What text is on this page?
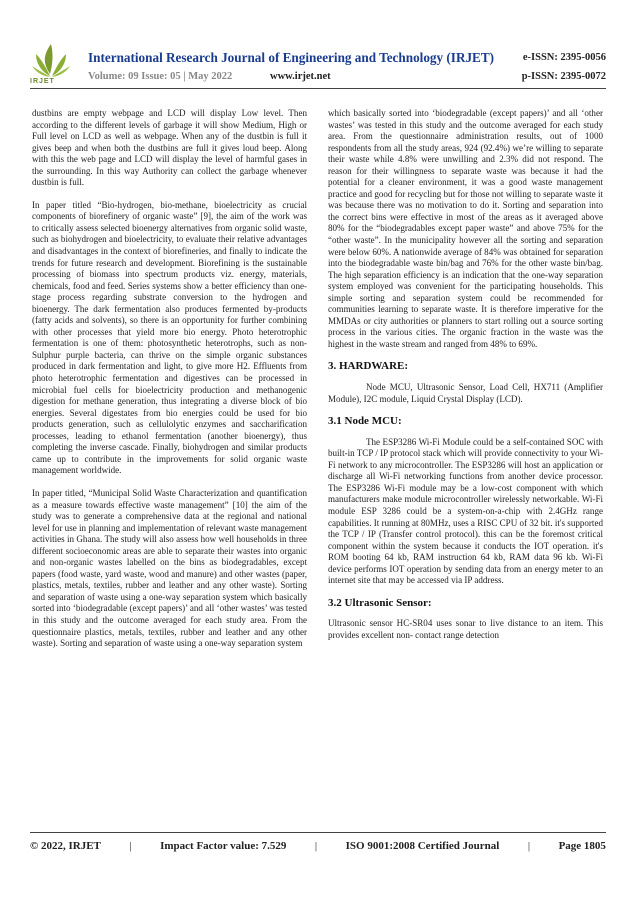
IRJET
International Research Journal of Engineering and Technology (IRJET)	e-ISSN: 2395-0056
Volume: 09 Issue: 05 | May 2022	www.irjet.net	p-ISSN: 2395-0072

dustbins are empty webpage and LCD will display Low level. Then according to the different levels of garbage it will show Medium, High or Full level on LCD as well as webpage. When any of the dustbin is full it gives beep and when both the dustbins are full it gives loud beep. Along with this the web page and LCD will display the level of harmful gases in the surrounding. In this way Authority can collect the garbage whenever dustbin is full.

In paper titled “Bio-hydrogen, bio-methane, bioelectricity as crucial components of biorefinery of organic waste” [9], the aim of the work was to critically assess selected bioenergy alternatives from organic solid waste, such as biohydrogen and bioelectricity, to evaluate their relative advantages and disadvantages in the context of biorefineries, and finally to indicate the trends for future research and development. Biorefining is the sustainable processing of biomass into spectrum products viz. energy, materials, chemicals, food and feed. Series systems show a better efficiency than one-stage process regarding substrate conversion to the hydrogen and bioenergy. The dark fermentation also produces fermented by-products (fatty acids and solvents), so there is an opportunity for further combining with other processes that yield more bio energy. Photo heterotrophic fermentation is one of them: photosynthetic heterotrophs, such as non-Sulphur purple bacteria, can thrive on the simple organic substances produced in dark fermentation and light, to give more H2. Effluents from photo heterotrophic fermentation and digestives can be processed in microbial fuel cells for bioelectricity production and methanogenic digestion for methane generation, thus integrating a diverse block of bio energies. Several digestates from bio energies could be used for bio products generation, such as cellulolytic enzymes and saccharification processes, leading to ethanol fermentation (another bioenergy), thus completing the inverse cascade. Finally, biohydrogen and similar products came up to contribute in the improvements for solid organic waste management worldwide.

In paper titled, “Municipal Solid Waste Characterization and quantification as a measure towards effective waste management” [10] the aim of the study was to generate a comprehensive data at the regional and national level for use in planning and implementation of relevant waste management activities in Ghana. The study will also assess how well households in three different socioeconomic areas are able to separate their wastes into organic and non-organic wastes labelled on the bins as biodegradables, except papers (food waste, yard waste, wood and manure) and other wastes (paper, plastics, metals, textiles, rubber and leather and any other waste). Sorting and separation of waste using a one-way separation system which basically sorted into ‘biodegradable (except papers)’ and all ‘other wastes’ was tested in this study and the outcome averaged for each study area. From the questionnaire plastics, metals, textiles, rubber and leather and any other waste). Sorting and separation of waste using a one-way separation system

which basically sorted into ‘biodegradable (except papers)’ and all ‘other wastes’ was tested in this study and the outcome averaged for each study area. From the questionnaire administration results, out of 1000 respondents from all the study areas, 924 (92.4%) we’re willing to separate their waste while 4.8% were unwilling and 2.3% did not respond. The reason for their willingness to separate waste was because it had the potential for a cleaner environment, it was a good waste management practice and good for recycling but for those not willing to separate waste it was because there was no motivation to do it. Sorting and separation into the correct bins were effective in most of the areas as it averaged above 80% for the “biodegradables except paper waste” and above 75% for the “other waste”. In the municipality however all the sorting and separation were below 60%. A nationwide average of 84% was obtained for separation into the biodegradable waste bin/bag and 76% for the other waste bin/bag. The high separation efficiency is an indication that the one-way separation system employed was convenient for the participating households. This simple sorting and separation system could be recommended for communities learning to separate waste. It is therefore imperative for the MMDAs or city authorities or planners to start rolling out a source sorting process in the various cities. The organic fraction in the waste was the highest in the waste stream and ranged from 48% to 69%.

3. HARDWARE:

Node MCU, Ultrasonic Sensor, Load Cell, HX711 (Amplifier Module), I2C module, Liquid Crystal Display (LCD).

3.1 Node MCU:

The ESP3286 Wi-Fi Module could be a self-contained SOC with built-in TCP / IP protocol stack which will provide connectivity to your Wi-Fi network to any microcontroller. The ESP3286 will host an application or discharge all Wi-Fi networking functions from another device processor. The ESP3286 Wi-Fi module may be a low-cost component with which manufacturers make module microcontroller wirelessly networkable. Wi-Fi module ESP 3286 could be a system-on-a-chip with 2.4GHz range capabilities. It running at 80MHz, uses a RISC CPU of 32 bit. it's supported the TCP / IP (Transfer control protocol). this can be the foremost critical component within the system because it conducts the IOT operation. it's ROM booting 64 kb, RAM instruction 64 kb, RAM data 96 kb. Wi-Fi device performs IOT operation by sending data from an energy meter to an internet site that may be accessed via IP address.

3.2 Ultrasonic Sensor:

Ultrasonic sensor HC-SR04 uses sonar to live distance to an item. This provides excellent non- contact range detection

© 2022, IRJET	|	Impact Factor value: 7.529	|	ISO 9001:2008 Certified Journal	|	Page 1805
